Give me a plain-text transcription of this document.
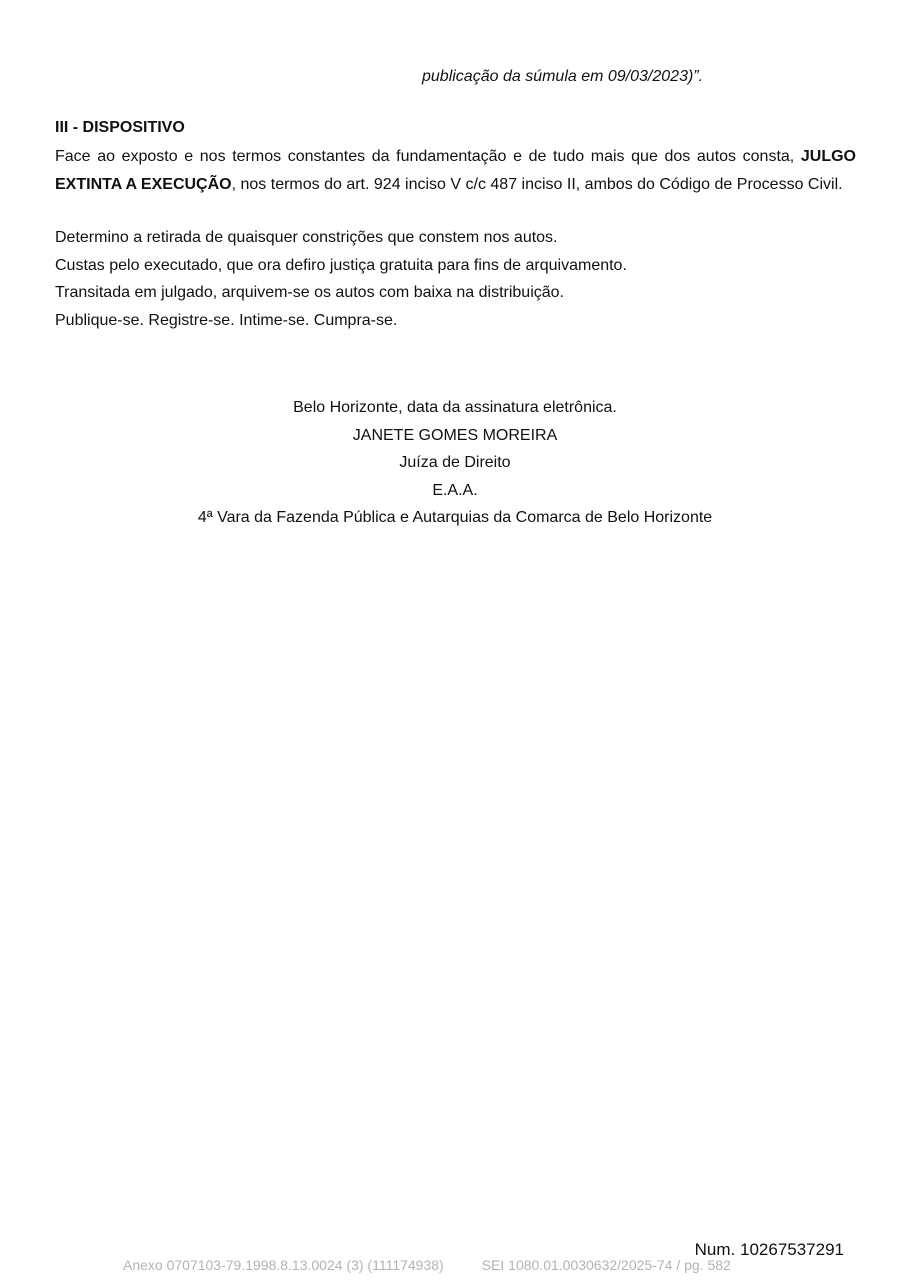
publicação da súmula em 09/03/2023)”.
III - DISPOSITIVO
Face ao exposto e nos termos constantes da fundamentação e de tudo mais que dos autos consta, JULGO EXTINTA A EXECUÇÃO, nos termos do art. 924 inciso V c/c 487 inciso II, ambos do Código de Processo Civil.
Determino a retirada de quaisquer constrições que constem nos autos.
Custas pelo executado, que ora defiro justiça gratuita para fins de arquivamento.
Transitada em julgado, arquivem-se os autos com baixa na distribuição.
Publique-se. Registre-se. Intime-se. Cumpra-se.
Belo Horizonte, data da assinatura eletrônica.
JANETE GOMES MOREIRA
Juíza de Direito
E.A.A.
4ª Vara da Fazenda Pública e Autarquias da Comarca de Belo Horizonte
Num. 10267537291
Anexo 0707103-79.1998.8.13.0024 (3) (111174938)	SEI 1080.01.0030632/2025-74 / pg. 582
